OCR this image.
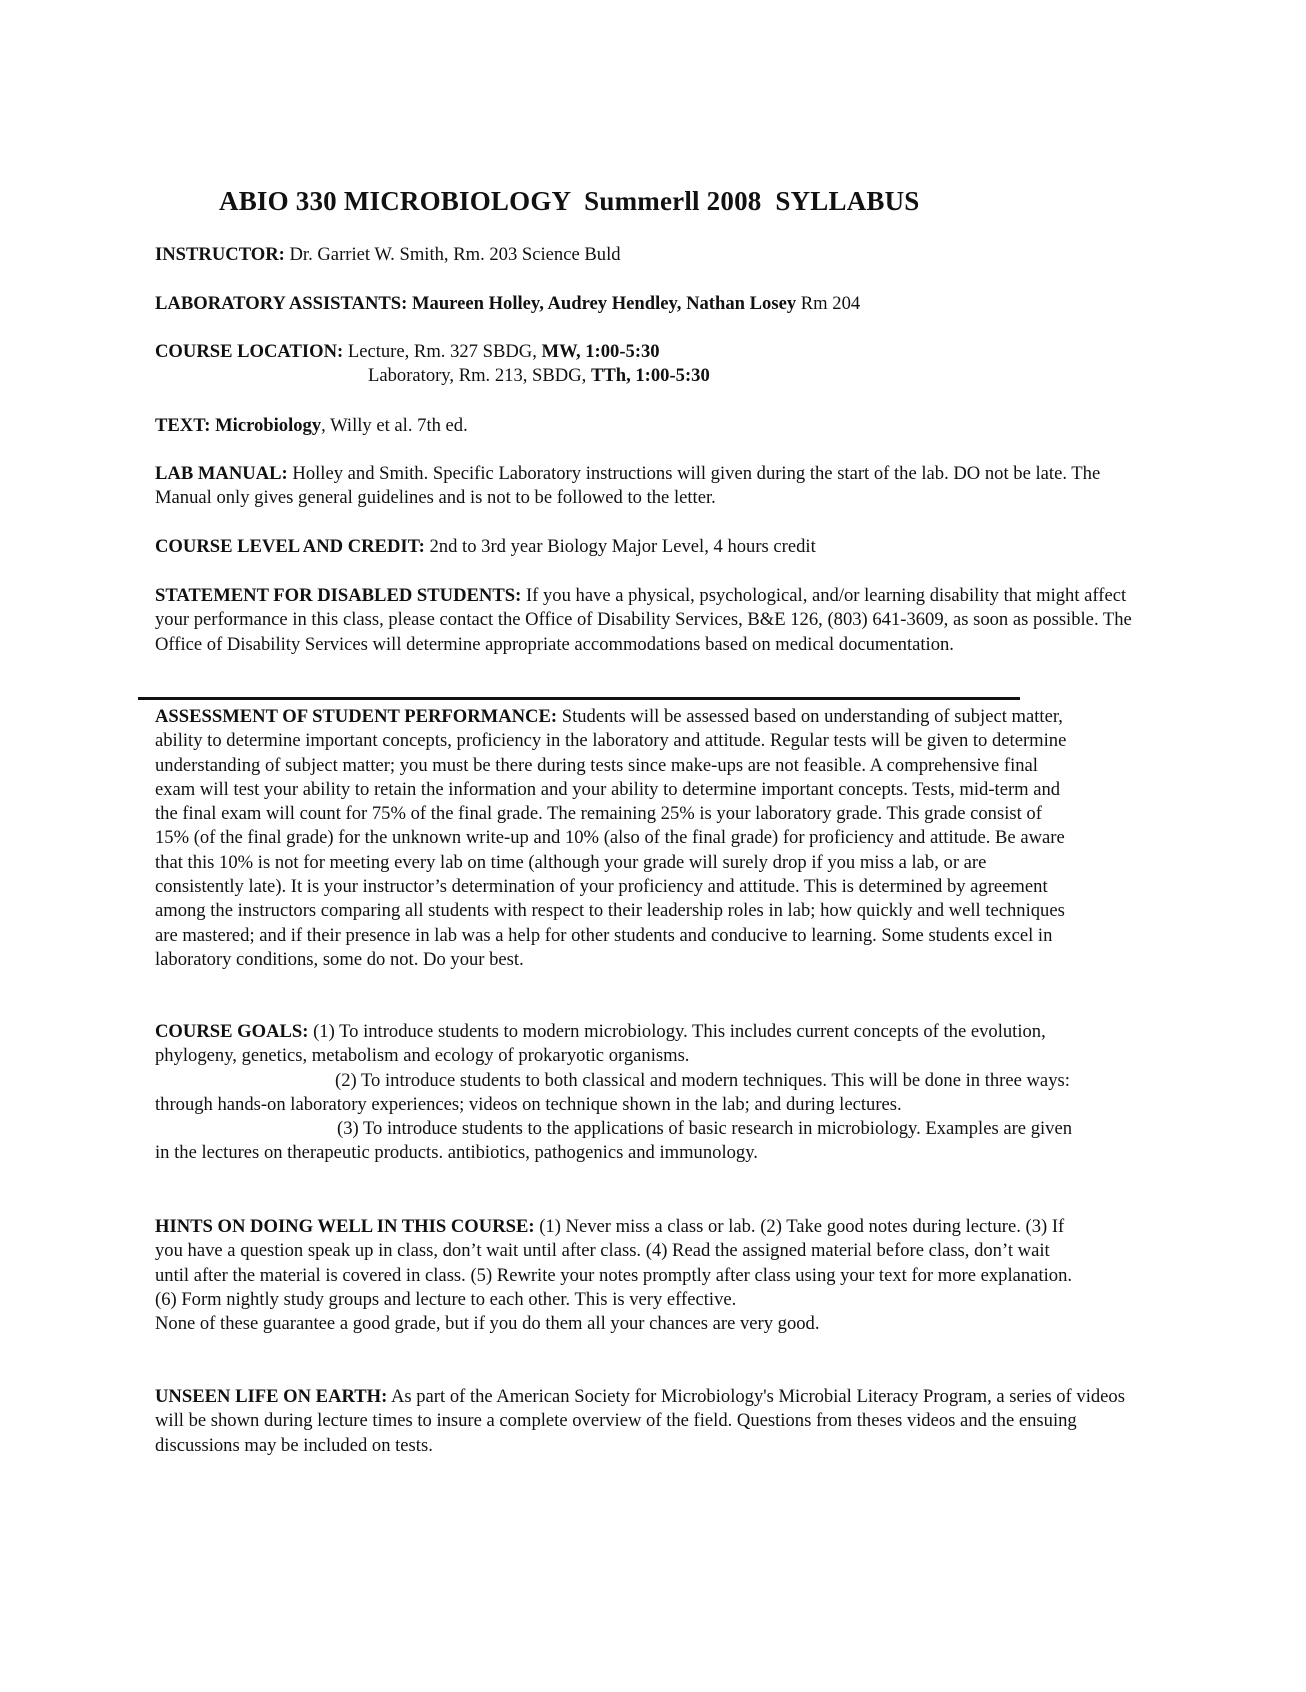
ABIO 330 MICROBIOLOGY  Summerll 2008  SYLLABUS
INSTRUCTOR: Dr. Garriet W. Smith, Rm. 203 Science Buld
LABORATORY ASSISTANTS: Maureen Holley, Audrey Hendley, Nathan Losey Rm 204
COURSE LOCATION: Lecture, Rm. 327 SBDG, MW, 1:00-5:30
Laboratory, Rm. 213, SBDG, TTh, 1:00-5:30
TEXT: Microbiology, Willy et al. 7th ed.

LAB MANUAL: Holley and Smith. Specific Laboratory instructions will given during the start of the lab. DO not be late. The Manual only gives general guidelines and is not to be followed to the letter.

COURSE LEVEL AND CREDIT: 2nd to 3rd year Biology Major Level, 4 hours credit

STATEMENT FOR DISABLED STUDENTS: If you have a physical, psychological, and/or learning disability that might affect your performance in this class, please contact the Office of Disability Services, B&E 126, (803) 641-3609, as soon as possible. The Office of Disability Services will determine appropriate accommodations based on medical documentation.

ASSESSMENT OF STUDENT PERFORMANCE: Students will be assessed based on understanding of subject matter, ability to determine important concepts, proficiency in the laboratory and attitude. Regular tests will be given to determine understanding of subject matter; you must be there during tests since make-ups are not feasible. A comprehensive final exam will test your ability to retain the information and your ability to determine important concepts. Tests, mid-term and the final exam will count for 75% of the final grade. The remaining 25% is your laboratory grade. This grade consist of 15% (of the final grade) for the unknown write-up and 10% (also of the final grade) for proficiency and attitude. Be aware that this 10% is not for meeting every lab on time (although your grade will surely drop if you miss a lab, or are consistently late). It is your instructor’s determination of your proficiency and attitude. This is determined by agreement among the instructors comparing all students with respect to their leadership roles in lab; how quickly and well techniques are mastered; and if their presence in lab was a help for other students and conducive to learning. Some students excel in laboratory conditions, some do not. Do your best.

COURSE GOALS: (1) To introduce students to modern microbiology. This includes current concepts of the evolution, phylogeny, genetics, metabolism and ecology of prokaryotic organisms.

(2) To introduce students to both classical and modern techniques. This will be done in three ways: through hands-on laboratory experiences; videos on technique shown in the lab; and during lectures.

(3) To introduce students to the applications of basic research in microbiology. Examples are given in the lectures on therapeutic products. antibiotics, pathogenics and immunology.

HINTS ON DOING WELL IN THIS COURSE: (1) Never miss a class or lab. (2) Take good notes during lecture. (3) If you have a question speak up in class, don’t wait until after class. (4) Read the assigned material before class, don’t wait until after the material is covered in class. (5) Rewrite your notes promptly after class using your text for more explanation. (6) Form nightly study groups and lecture to each other. This is very effective.

None of these guarantee a good grade, but if you do them all your chances are very good.

UNSEEN LIFE ON EARTH: As part of the American Society for Microbiology's Microbial Literacy Program, a series of videos will be shown during lecture times to insure a complete overview of the field. Questions from theses videos and the ensuing discussions may be included on tests.
